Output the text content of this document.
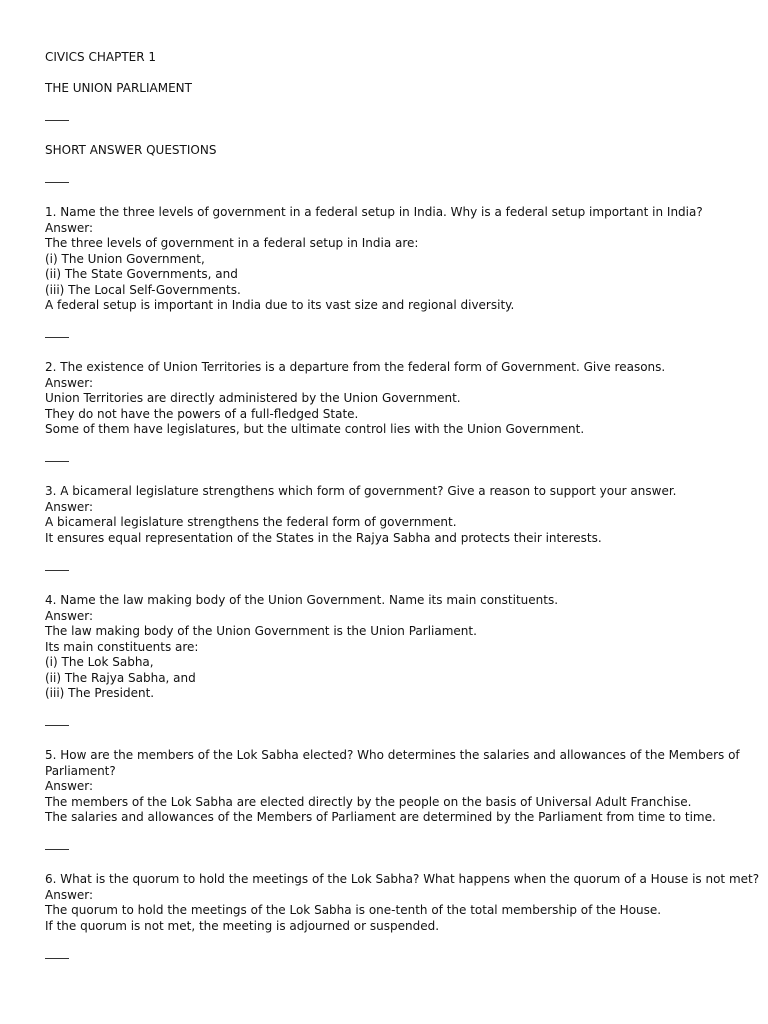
CIVICS CHAPTER 1
THE UNION PARLIAMENT
SHORT ANSWER QUESTIONS
1. Name the three levels of government in a federal setup in India. Why is a federal setup important in India?
Answer:
The three levels of government in a federal setup in India are:
(i) The Union Government,
(ii) The State Governments, and
(iii) The Local Self-Governments.
A federal setup is important in India due to its vast size and regional diversity.
2. The existence of Union Territories is a departure from the federal form of Government. Give reasons.
Answer:
Union Territories are directly administered by the Union Government.
They do not have the powers of a full-fledged State.
Some of them have legislatures, but the ultimate control lies with the Union Government.
3. A bicameral legislature strengthens which form of government? Give a reason to support your answer.
Answer:
A bicameral legislature strengthens the federal form of government.
It ensures equal representation of the States in the Rajya Sabha and protects their interests.
4. Name the law making body of the Union Government. Name its main constituents.
Answer:
The law making body of the Union Government is the Union Parliament.
Its main constituents are:
(i) The Lok Sabha,
(ii) The Rajya Sabha, and
(iii) The President.
5. How are the members of the Lok Sabha elected? Who determines the salaries and allowances of the Members of
Parliament?
Answer:
The members of the Lok Sabha are elected directly by the people on the basis of Universal Adult Franchise.
The salaries and allowances of the Members of Parliament are determined by the Parliament from time to time.
6. What is the quorum to hold the meetings of the Lok Sabha? What happens when the quorum of a House is not met?
Answer:
The quorum to hold the meetings of the Lok Sabha is one-tenth of the total membership of the House.
If the quorum is not met, the meeting is adjourned or suspended.
